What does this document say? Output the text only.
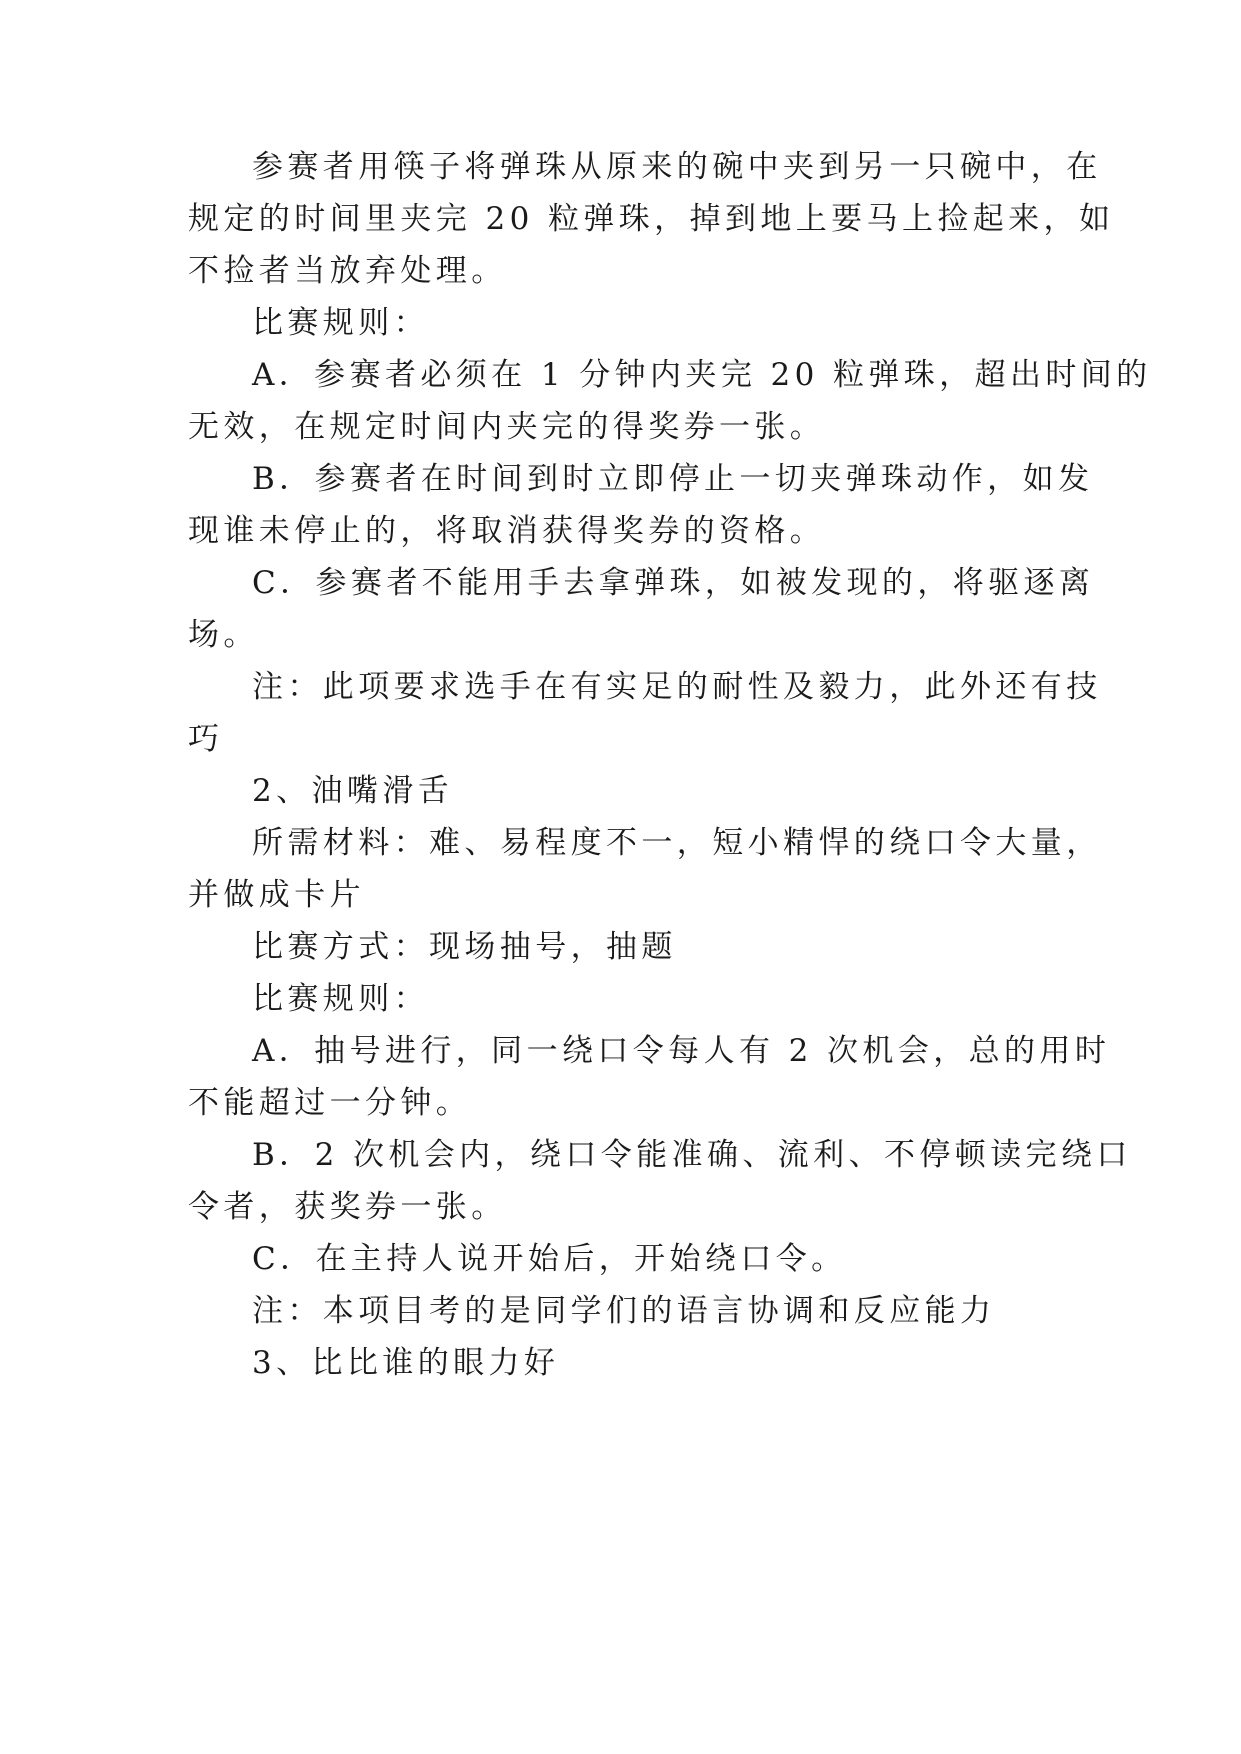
参赛者用筷子将弹珠从原来的碗中夹到另一只碗中，在
规定的时间里夹完 20 粒弹珠，掉到地上要马上捡起来，如
不捡者当放弃处理。
比赛规则：
A．参赛者必须在 1 分钟内夹完 20 粒弹珠，超出时间的
无效，在规定时间内夹完的得奖券一张。
B．参赛者在时间到时立即停止一切夹弹珠动作，如发
现谁未停止的，将取消获得奖券的资格。
C．参赛者不能用手去拿弹珠，如被发现的，将驱逐离
场。
注：此项要求选手在有实足的耐性及毅力，此外还有技
巧
2、油嘴滑舌
所需材料：难、易程度不一，短小精悍的绕口令大量，
并做成卡片
比赛方式：现场抽号，抽题
比赛规则：
A．抽号进行，同一绕口令每人有 2 次机会，总的用时
不能超过一分钟。
B．2 次机会内，绕口令能准确、流利、不停顿读完绕口
令者，获奖券一张。
C．在主持人说开始后，开始绕口令。
注：本项目考的是同学们的语言协调和反应能力
3、比比谁的眼力好
